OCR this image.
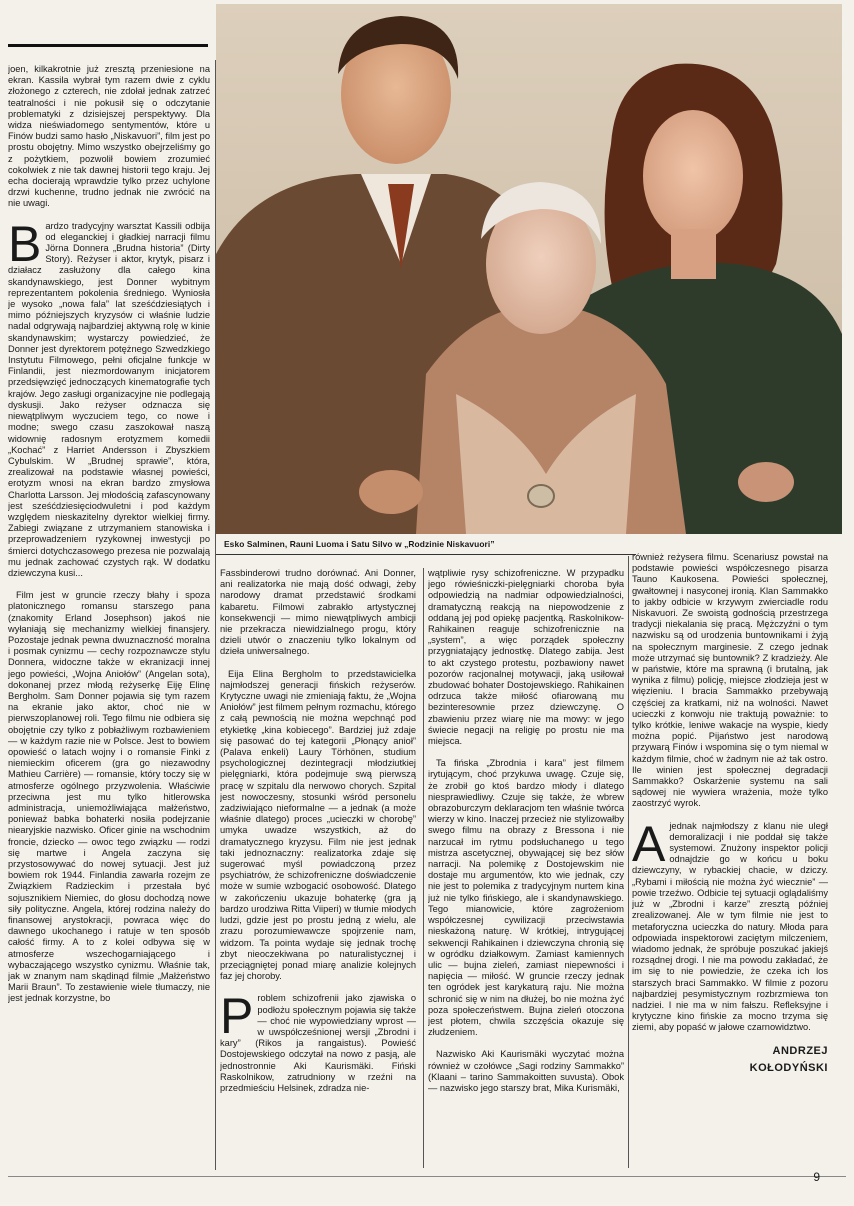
Esko Salminen, Rauni Luoma i Satu Silvo w „Rodzinie Niskavuori”

joen, kilkakrotnie już zresztą przeniesione na ekran. Kassila wybrał tym razem dwie z cyklu złożonego z czterech, nie zdołał jednak zatrzeć teatralności i nie pokusił się o odczytanie problematyki z dzisiejszej perspektywy. Dla widza nieświadomego sentymentów, które u Finów budzi samo hasło „Niskavuori”, film jest po prostu obojętny. Mimo wszystko obejrzeliśmy go z pożytkiem, pozwolił bowiem zrozumieć cokolwiek z nie tak dawnej historii tego kraju. Jej echa docierają wprawdzie tylko przez uchylone drzwi kuchenne, trudno jednak nie zwrócić na nie uwagi.

Bardzo tradycyjny warsztat Kassili odbija od eleganckiej i gładkiej narracji filmu Jörna Donnera „Brudna historia” (Dirty Story). Reżyser i aktor, krytyk, pisarz i działacz zasłużony dla całego kina skandynawskiego, jest Donner wybitnym reprezentantem pokolenia średniego. Wyniosła je wysoko „nowa fala” lat sześćdziesiątych i mimo późniejszych kryzysów ci właśnie ludzie nadal odgrywają najbardziej aktywną rolę w kinie skandynawskim; wystarczy powiedzieć, że Donner jest dyrektorem potężnego Szwedzkiego Instytutu Filmowego, pełni oficjalne funkcje w Finlandii, jest niezmordowanym inicjatorem przedsięwzięć jednoczących kinematografie tych krajów. Jego zasługi organizacyjne nie podlegają dyskusji. Jako reżyser odznacza się niewątpliwym wyczuciem tego, co nowe i modne; swego czasu zaszokował naszą widownię radosnym erotyzmem komedii „Kochać” z Harriet Andersson i Zbyszkiem Cybulskim. W „Brudnej sprawie”, która, zrealizował na podstawie własnej powieści, erotyzm wnosi na ekran bardzo zmysłowa Charlotta Larsson. Jej młodością zafascynowany jest sześćdziesięciodwuletni i pod każdym względem nieskazitelny dyrektor wielkiej firmy. Zabiegi związane z utrzymaniem stanowiska i przeprowadzeniem ryzykownej inwestycji po śmierci dotychczasowego prezesa nie pozwalają mu jednak zachować czystych rąk. W dodatku dziewczyna kusi...

Film jest w gruncie rzeczy błahy i spoza platonicznego romansu starszego pana (znakomity Erland Josephson) jakoś nie wyłaniają się mechanizmy wielkiej finansjery. Pozostaje jednak pewna dwuznaczność moralna i posmak cynizmu — cechy rozpoznawcze stylu Donnera, widoczne także w ekranizacji innej jego powieści, „Wojna Aniołów” (Angelan sota), dokonanej przez młodą reżyserkę Eiję Elinę Bergholm. Sam Donner pojawia się tym razem na ekranie jako aktor, choć nie w pierwszoplanowej roli. Tego filmu nie odbiera się obojętnie czy tylko z pobłażliwym rozbawieniem — w każdym razie nie w Polsce. Jest to bowiem opowieść o latach wojny i o romansie Finki z niemieckim oficerem (gra go niezawodny Mathieu Carrière) — romansie, który toczy się w atmosferze ogólnego przyzwolenia. Właściwie przeciwna jest mu tylko hitlerowska administracja, uniemożliwiająca małżeństwo, ponieważ babka bohaterki nosiła podejrzanie niearyjskie nazwisko. Oficer ginie na wschodnim froncie, dziecko — owoc tego związku — rodzi się martwe i Angela zaczyna się przystosowywać do nowej sytuacji. Jest już bowiem rok 1944. Finlandia zawarła rozejm ze Związkiem Radzieckim i przestała być sojusznikiem Niemiec, do głosu dochodzą nowe siły polityczne. Angela, której rodzina należy do finansowej arystokracji, powraca więc do dawnego ukochanego i ratuje w ten sposób całość firmy. A to z kolei odbywa się w atmosferze wszechogarniającego i wybaczającego wszystko cynizmu. Właśnie tak, jak w znanym nam skądinąd filmie „Małżeństwo Marii Braun”. To zestawienie wiele tłumaczy, nie jest jednak korzystne, bo

Fassbinderowi trudno dorównać. Ani Donner, ani realizatorka nie mają dość odwagi, żeby narodowy dramat przedstawić środkami kabaretu. Filmowi zabrakło artystycznej konsekwencji — mimo niewątpliwych ambicji nie przekracza niewidzialnego progu, który dzieli utwór o znaczeniu tylko lokalnym od dzieła uniwersalnego.

Eija Elina Bergholm to przedstawicielka najmłodszej generacji fińskich reżyserów. Krytyczne uwagi nie zmieniają faktu, że „Wojna Aniołów” jest filmem pełnym rozmachu, którego z całą pewnością nie można wepchnąć pod etykietkę „kina kobiecego”. Bardziej już zdaje się pasować do tej kategorii „Płonący anioł” (Palava enkeli) Laury Törhönen, studium psychologicznej dezintegracji młodziutkiej pielęgniarki, która podejmuje swą pierwszą pracę w szpitalu dla nerwowo chorych. Szpital jest nowoczesny, stosunki wśród personelu zadziwiająco nieformalne — a jednak (a może właśnie dlatego) proces „ucieczki w chorobę” umyka uwadze wszystkich, aż do dramatycznego kryzysu. Film nie jest jednak taki jednoznaczny: realizatorka zdaje się sugerować myśl powiadczoną przez psychiatrów, że schizofreniczne doświadczenie może w sumie wzbogacić osobowość. Dlatego w zakończeniu ukazuje bohaterkę (gra ją bardzo urodziwa Ritta Viiperi) w tłumie młodych ludzi, gdzie jest po prostu jedną z wielu, ale zrazu porozumiewawcze spojrzenie nam, widzom. Ta pointa wydaje się jednak trochę zbyt nieoczekiwana po naturalistycznej i przeciągniętej ponad miarę analizie kolejnych faz jej choroby.

Problem schizofrenii jako zjawiska o podłożu społecznym pojawia się także — choć nie wypowiedziany wprost — w uwspółcześnionej wersji „Zbrodni i kary” (Rikos ja rangaistus). Powieść Dostojewskiego odczytał na nowo z pasją, ale jednostronnie Aki Kaurismäki. Fiński Raskolnikow, zatrudniony w rzeźni na przedmieściu Helsinek, zdradza nie-

wątpliwie rysy schizofreniczne. W przypadku jego rówieśniczki-pielęgniarki choroba była odpowiedzią na nadmiar odpowiedzialności, dramatyczną reakcją na niepowodzenie z oddaną jej pod opiekę pacjentką. Raskolnikow-Rahikainen reaguje schizofrenicznie na „system”, a więc porządek społeczny przygniatający jednostkę. Dlatego zabija. Jest to akt czystego protestu, pozbawiony nawet pozorów racjonalnej motywacji, jaką usiłował zbudować bohater Dostojewskiego. Rahikainen odrzuca także miłość ofiarowaną mu bezinteresownie przez dziewczynę. O zbawieniu przez wiarę nie ma mowy: w jego świecie negacji na religię po prostu nie ma miejsca.

Ta fińska „Zbrodnia i kara” jest filmem irytującym, choć przykuwa uwagę. Czuje się, że zrobił go ktoś bardzo młody i dlatego niesprawiedliwy. Czuje się także, że wbrew obrazoburczym deklaracjom ten właśnie twórca wierzy w kino. Inaczej przecież nie stylizowałby swego filmu na obrazy z Bressona i nie narzucał im rytmu podsłuchanego u tego mistrza ascetycznej, obywającej się bez słów narracji. Na polemikę z Dostojewskim nie dostaje mu argumentów, kto wie jednak, czy nie jest to polemika z tradycyjnym nurtem kina już nie tylko fińskiego, ale i skandynawskiego. Tego mianowicie, które zagrożeniom współczesnej cywilizacji przeciwstawia nieskażoną naturę. W krótkiej, intrygującej sekwencji Rahikainen i dziewczyna chronią się w ogródku działkowym. Zamiast kamiennych ulic — bujna zieleń, zamiast niepewności i napięcia — miłość. W gruncie rzeczy jednak ten ogródek jest karykaturą raju. Nie można schronić się w nim na dłużej, bo nie można żyć poza społeczeństwem. Bujna zieleń otoczona jest płotem, chwila szczęścia okazuje się złudzeniem.

Nazwisko Aki Kaurismäki wyczytać można również w czołówce „Sagi rodziny Sammakko” (Klaani – tarino Sammakoitten suvusta). Obok — nazwisko jego starszy brat, Mika Kurismäki,

również reżysera filmu. Scenariusz powstał na podstawie powieści współczesnego pisarza Tauno Kaukosena. Powieści społecznej, gwałtownej i nasyconej ironią. Klan Sammakko to jakby odbicie w krzywym zwierciadle rodu Niskavuori. Ze swoistą godnością przestrzega tradycji niekalania się pracą. Mężczyźni o tym nazwisku są od urodzenia buntownikami i żyją na społecznym marginesie. Z czego jednak może utrzymać się buntownik? Z kradzieży. Ale w państwie, które ma sprawną (i brutalną, jak wynika z filmu) policję, miejsce złodzieja jest w więzieniu. I bracia Sammakko przebywają częściej za kratkami, niż na wolności. Nawet ucieczki z konwoju nie traktują poważnie: to tylko krótkie, leniwe wakacje na wyspie, kiedy można popić. Pijaństwo jest narodową przywarą Finów i wspomina się o tym niemal w każdym filmie, choć w żadnym nie aż tak ostro. Ile winien jest społecznej degradacji Sammakko? Oskarżenie systemu na sali sądowej nie wywiera wrażenia, może tylko zaostrzyć wyrok.

Ajednak najmłodszy z klanu nie uległ demoralizacji i nie poddał się także systemowi. Znużony inspektor policji odnajdzie go w końcu u boku dziewczyny, w rybackiej chacie, w dziczy. „Rybami i miłością nie można żyć wiecznie” — powie trzeźwo. Odbicie tej sytuacji oglądaliśmy już w „Zbrodni i karze” zresztą później zrealizowanej. Ale w tym filmie nie jest to metaforyczna ucieczka do natury. Młoda para odpowiada inspektorowi zaciętym milczeniem, wiadomo jednak, że spróbuje poszukać jakiejś rozsądnej drogi. I nie ma powodu zakładać, że im się to nie powiedzie, że czeka ich los starszych braci Sammakko. W filmie z pozoru najbardziej pesymistycznym rozbrzmiewa ton nadziei. I nie ma w nim fałszu. Refleksyjne i krytyczne kino fińskie za mocno trzyma się ziemi, aby popaść w jałowe czarnowidztwo.

ANDRZEJ
KOŁODYŃSKI
9
